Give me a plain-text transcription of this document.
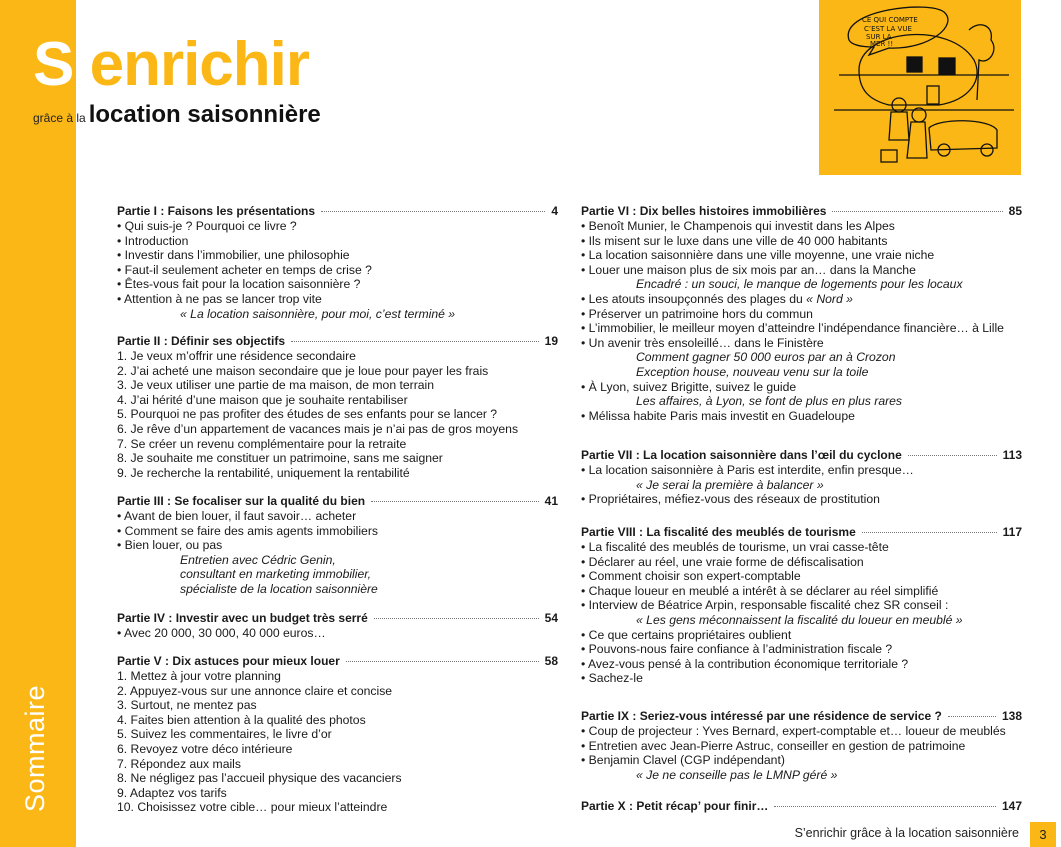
Sommaire
S’enrichir
grâce à la location saisonnière
CE QUI COMPTE
C’EST LA VUE
SUR LA
MER !!
Partie I : Faisons les présentations	4
• Qui suis-je ? Pourquoi ce livre ?
• Introduction
• Investir dans l’immobilier, une philosophie
• Faut-il seulement acheter en temps de crise ?
• Êtes-vous fait pour la location saisonnière ?
• Attention à ne pas se lancer trop vite
« La location saisonnière, pour moi, c’est terminé »
Partie II : Définir ses objectifs	19
1. Je veux m’offrir une résidence secondaire
2. J’ai acheté une maison secondaire que je loue pour payer les frais
3. Je veux utiliser une partie de ma maison, de mon terrain
4. J’ai hérité d’une maison que je souhaite rentabiliser
5. Pourquoi ne pas profiter des études de ses enfants pour se lancer ?
6. Je rêve d’un appartement de vacances mais je n’ai pas de gros moyens
7. Se créer un revenu complémentaire pour la retraite
8. Je souhaite me constituer un patrimoine, sans me saigner
9. Je recherche la rentabilité, uniquement la rentabilité
Partie III : Se focaliser sur la qualité du bien	41
• Avant de bien louer, il faut savoir… acheter
• Comment se faire des amis agents immobiliers
• Bien louer, ou pas
Entretien avec Cédric Genin,
consultant en marketing immobilier,
spécialiste de la location saisonnière
Partie IV : Investir avec un budget très serré	54
• Avec 20 000, 30 000, 40 000 euros…
Partie V : Dix astuces pour mieux louer	58
1. Mettez à jour votre planning
2. Appuyez-vous sur une annonce claire et concise
3. Surtout, ne mentez pas
4. Faites bien attention à la qualité des photos
5. Suivez les commentaires, le livre d’or
6. Revoyez votre déco intérieure
7. Répondez aux mails
8. Ne négligez pas l’accueil physique des vacanciers
9. Adaptez vos tarifs
10. Choisissez votre cible… pour mieux l’atteindre
Partie VI : Dix belles histoires immobilières	85
• Benoît Munier, le Champenois qui investit dans les Alpes
• Ils misent sur le luxe dans une ville de 40 000 habitants
• La location saisonnière dans une ville moyenne, une vraie niche
• Louer une maison plus de six mois par an… dans la Manche
Encadré : un souci, le manque de logements pour les locaux
• Les atouts insoupçonnés des plages du « Nord »
• Préserver un patrimoine hors du commun
• L’immobilier, le meilleur moyen d’atteindre l’indépendance financière… à Lille
• Un avenir très ensoleillé… dans le Finistère
Comment gagner 50 000 euros par an à Crozon
Exception house, nouveau venu sur la toile
• À Lyon, suivez Brigitte, suivez le guide
Les affaires, à Lyon, se font de plus en plus rares
• Mélissa habite Paris mais investit en Guadeloupe
Partie VII : La location saisonnière dans l’œil du cyclone	113
• La location saisonnière à Paris est interdite, enfin presque…
« Je serai la première à balancer »
• Propriétaires, méfiez-vous des réseaux de prostitution
Partie VIII : La fiscalité des meublés de tourisme	117
• La fiscalité des meublés de tourisme, un vrai casse-tête
• Déclarer au réel, une vraie forme de défiscalisation
• Comment choisir son expert-comptable
• Chaque loueur en meublé a intérêt à se déclarer au réel simplifié
• Interview de Béatrice Arpin, responsable fiscalité chez SR conseil :
« Les gens méconnaissent la fiscalité du loueur en meublé »
• Ce que certains propriétaires oublient
• Pouvons-nous faire confiance à l’administration fiscale ?
• Avez-vous pensé à la contribution économique territoriale ?
• Sachez-le
Partie IX : Seriez-vous intéressé par une résidence de service ?	138
• Coup de projecteur : Yves Bernard, expert-comptable et… loueur de meublés
• Entretien avec Jean-Pierre Astruc, conseiller en gestion de patrimoine
• Benjamin Clavel (CGP indépendant)
« Je ne conseille pas le LMNP géré »
Partie X : Petit récap’ pour finir…	147
S’enrichir grâce à la location saisonnière	3
